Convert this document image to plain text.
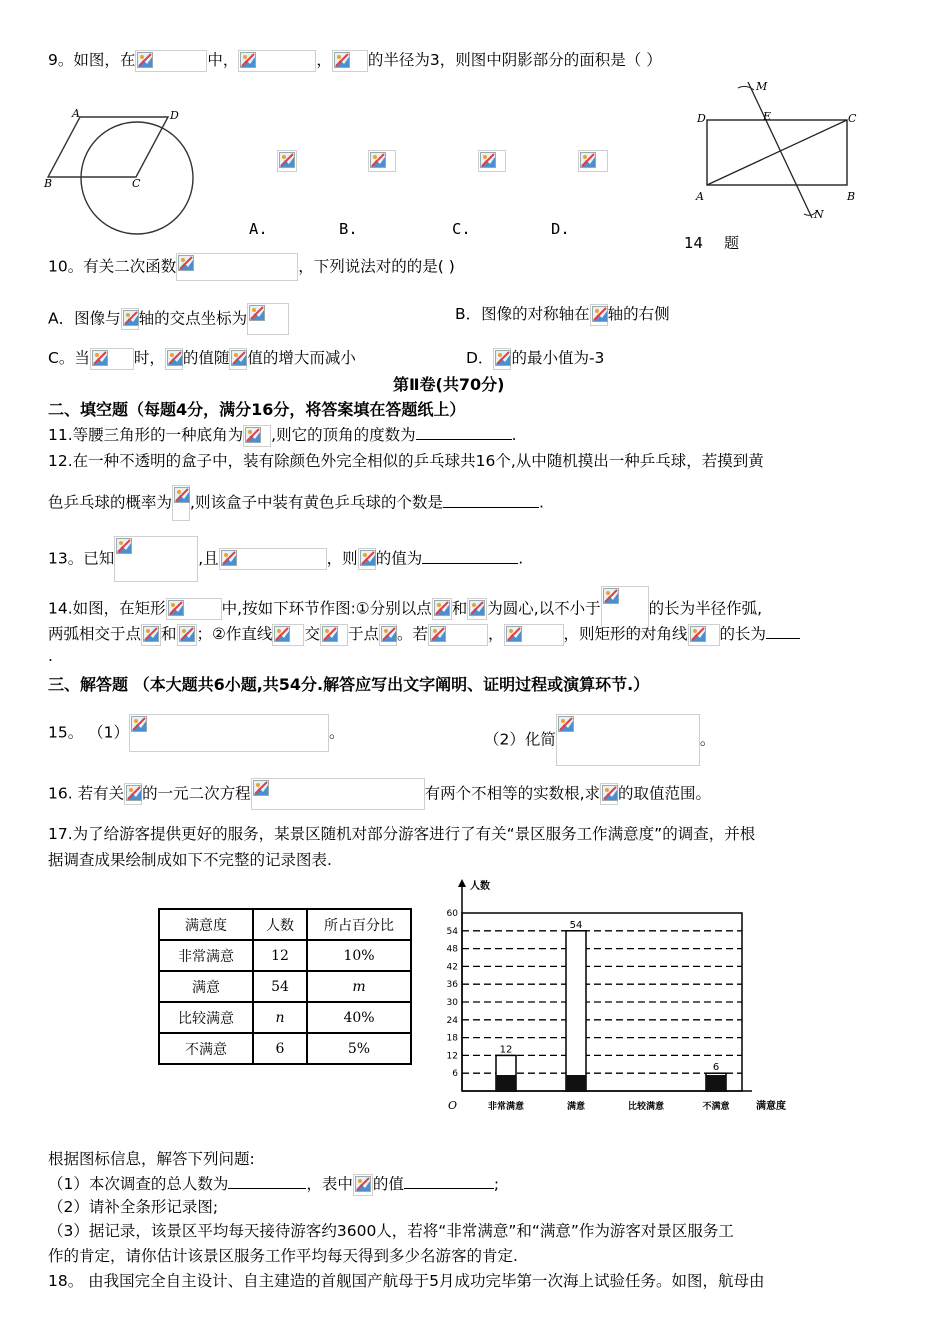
9。如图，在	中，	， 的半径为3，则图中阴影部分的面积是（ ）
A	D
B	C
A.	B.	C.	D.
D	E	C
M
A	B
N
14 题
10。有关二次函数	，下列说法对的的是( )
A．图像与 轴的交点坐标为	B．图像的对称轴在 轴的右侧
C。当	时， 的值随 值的增大而减小	D． 的最小值为-3
第Ⅱ卷(共70分)
二、填空题（每题4分，满分16分，将答案填在答题纸上）
11.等腰三角形的一种底角为 ,则它的顶角的度数为	.
12.在一种不透明的盒子中，装有除颜色外完全相似的乒乓球共16个,从中随机摸出一种乒乓球，若摸到黄
色乒乓球的概率为 ,则该盒子中装有黄色乒乓球的个数是	.
13。已知	,且	，则 的值为	.
14.如图，在矩形	中,按如下环节作图:①分别以点 和 为圆心,以不小于	的长为半径作弧,
两弧相交于点 和 ；②作直线 交 于点 。若	，	，则矩形的对角线 的长为
.
三、解答题 （本大题共6小题,共54分.解答应写出文字阐明、证明过程或演算环节.）
15。 （1）	。	（2）化简	。
16. 若有关 的一元二次方程	有两个不相等的实数根,求 的取值范围。
17.为了给游客提供更好的服务，某景区随机对部分游客进行了有关“景区服务工作满意度”的调查，并根
据调查成果绘制成如下不完整的记录图表.
满意度	人数	所占百分比
非常满意	12	10%
满意	54	m
比较满意	n	40%
不满意	6	5%
人数
满意度
O
6
12
18
24
30
36
42
48
54
60
非常满意
12
满意
54
比较满意	不满意
6
根据图标信息，解答下列问题:
（1）本次调查的总人数为	，表中 的值	;
（2）请补全条形记录图;
（3）据记录，该景区平均每天接待游客约3600人，若将“非常满意”和“满意”作为游客对景区服务工
作的肯定，请你估计该景区服务工作平均每天得到多少名游客的肯定.
18。 由我国完全自主设计、自主建造的首舰国产航母于5月成功完毕第一次海上试验任务。如图，航母由
